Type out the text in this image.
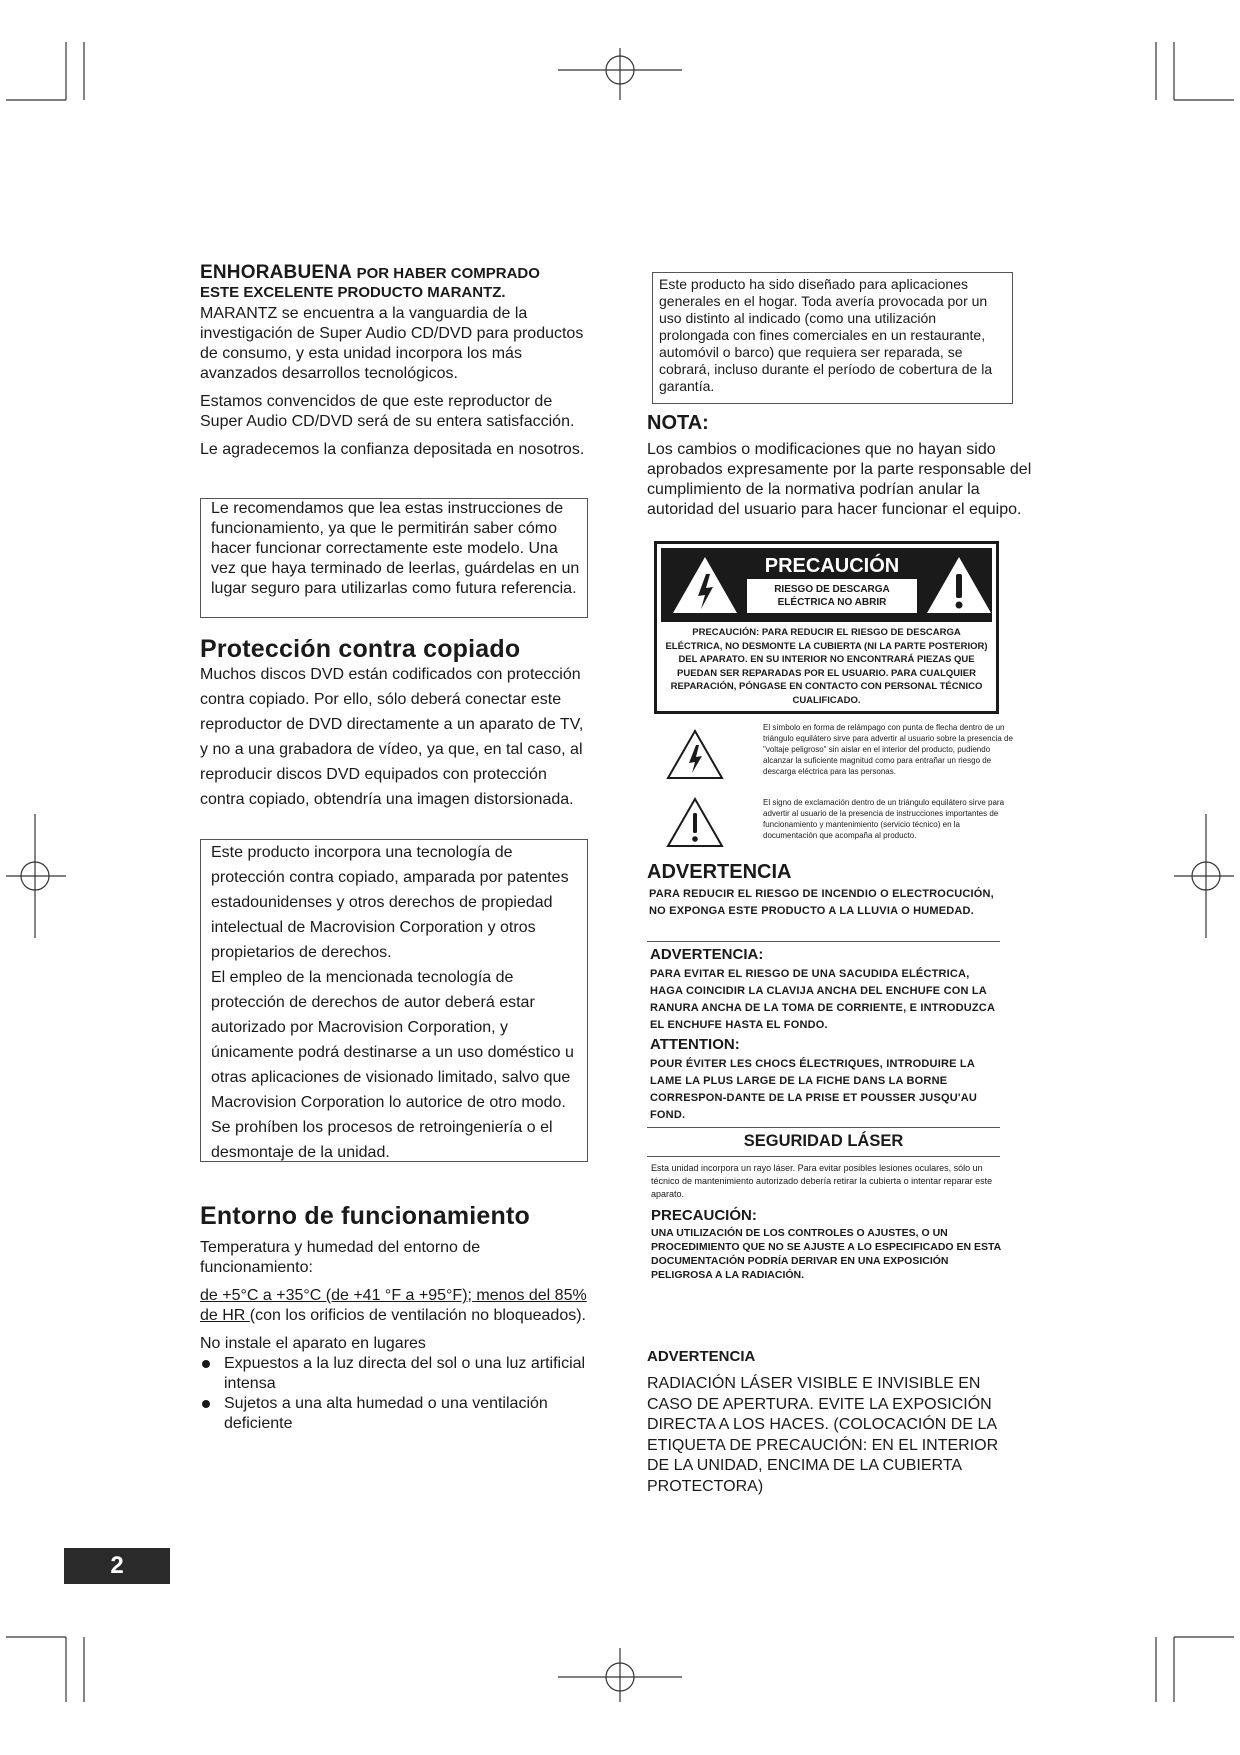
ENHORABUENA POR HABER COMPRADO
ESTE EXCELENTE PRODUCTO MARANTZ.

MARANTZ se encuentra a la vanguardia de la investigación de Super Audio CD/DVD para productos de consumo, y esta unidad incorpora los más avanzados desarrollos tecnológicos.

Estamos convencidos de que este reproductor de Super Audio CD/DVD será de su entera satisfacción.

Le agradecemos la confianza depositada en nosotros.

Le recomendamos que lea estas instrucciones de funcionamiento, ya que le permitirán saber cómo hacer funcionar correctamente este modelo. Una vez que haya terminado de leerlas, guárdelas en un lugar seguro para utilizarlas como futura referencia.

Protección contra copiado

Muchos discos DVD están codificados con protección contra copiado. Por ello, sólo deberá conectar este reproductor de DVD directamente a un aparato de TV, y no a una grabadora de vídeo, ya que, en tal caso, al reproducir discos DVD equipados con protección contra copiado, obtendría una imagen distorsionada.

Este producto incorpora una tecnología de protección contra copiado, amparada por patentes estadounidenses y otros derechos de propiedad intelectual de Macrovision Corporation y otros propietarios de derechos.

El empleo de la mencionada tecnología de protección de derechos de autor deberá estar autorizado por Macrovision Corporation, y únicamente podrá destinarse a un uso doméstico u otras aplicaciones de visionado limitado, salvo que Macrovision Corporation lo autorice de otro modo.

Se prohíben los procesos de retroingeniería o el desmontaje de la unidad.

Entorno de funcionamiento

Temperatura y humedad del entorno de funcionamiento:

de +5°C a +35°C (de +41 °F a +95°F); menos del 85% de HR (con los orificios de ventilación no bloqueados).

No instale el aparato en lugares

Expuestos a la luz directa del sol o una luz artificial intensa
Sujetos a una alta humedad o una ventilación deficiente

Este producto ha sido diseñado para aplicaciones generales en el hogar. Toda avería provocada por un uso distinto al indicado (como una utilización prolongada con fines comerciales en un restaurante, automóvil o barco) que requiera ser reparada, se cobrará, incluso durante el período de cobertura de la garantía.

NOTA:

Los cambios o modificaciones que no hayan sido aprobados expresamente por la parte responsable del cumplimiento de la normativa podrían anular la autoridad del usuario para hacer funcionar el equipo.

PRECAUCIÓN
RIESGO DE DESCARGA
ELÉCTRICA NO ABRIR
PRECAUCIÓN: PARA REDUCIR EL RIESGO DE DESCARGA ELÉCTRICA, NO DESMONTE LA CUBIERTA (NI LA PARTE POSTERIOR) DEL APARATO. EN SU INTERIOR NO ENCONTRARÁ PIEZAS QUE PUEDAN SER REPARADAS POR EL USUARIO. PARA CUALQUIER REPARACIÓN, PÓNGASE EN CONTACTO CON PERSONAL TÉCNICO CUALIFICADO.
El símbolo en forma de relámpago con punta de flecha dentro de un triángulo equilátero sirve para advertir al usuario sobre la presencia de "voltaje peligroso" sin aislar en el interior del producto, pudiendo alcanzar la suficiente magnitud como para entrañar un riesgo de descarga eléctrica para las personas.
El signo de exclamación dentro de un triángulo equilátero sirve para advertir al usuario de la presencia de instrucciones importantes de funcionamiento y mantenimiento (servicio técnico) en la documentación que acompaña al producto.
ADVERTENCIA
PARA REDUCIR EL RIESGO DE INCENDIO O ELECTROCUCIÓN, NO EXPONGA ESTE PRODUCTO A LA LLUVIA O HUMEDAD.
ADVERTENCIA:
PARA EVITAR EL RIESGO DE UNA SACUDIDA ELÉCTRICA, HAGA COINCIDIR LA CLAVIJA ANCHA DEL ENCHUFE CON LA RANURA ANCHA DE LA TOMA DE CORRIENTE, E INTRODUZCA EL ENCHUFE HASTA EL FONDO.
ATTENTION:
POUR ÉVITER LES CHOCS ÉLECTRIQUES, INTRODUIRE LA LAME LA PLUS LARGE DE LA FICHE DANS LA BORNE CORRESPON-DANTE DE LA PRISE ET POUSSER JUSQU'AU FOND.
SEGURIDAD LÁSER
Esta unidad incorpora un rayo láser. Para evitar posibles lesiones oculares, sólo un técnico de mantenimiento autorizado debería retirar la cubierta o intentar reparar este aparato.
PRECAUCIÓN:
UNA UTILIZACIÓN DE LOS CONTROLES O AJUSTES, O UN PROCEDIMIENTO QUE NO SE AJUSTE A LO ESPECIFICADO EN ESTA DOCUMENTACIÓN PODRÍA DERIVAR EN UNA EXPOSICIÓN PELIGROSA A LA RADIACIÓN.
ADVERTENCIA
RADIACIÓN LÁSER VISIBLE E INVISIBLE EN CASO DE APERTURA. EVITE LA EXPOSICIÓN DIRECTA A LOS HACES. (COLOCACIÓN DE LA ETIQUETA DE PRECAUCIÓN: EN EL INTERIOR DE LA UNIDAD, ENCIMA DE LA CUBIERTA PROTECTORA)
2
